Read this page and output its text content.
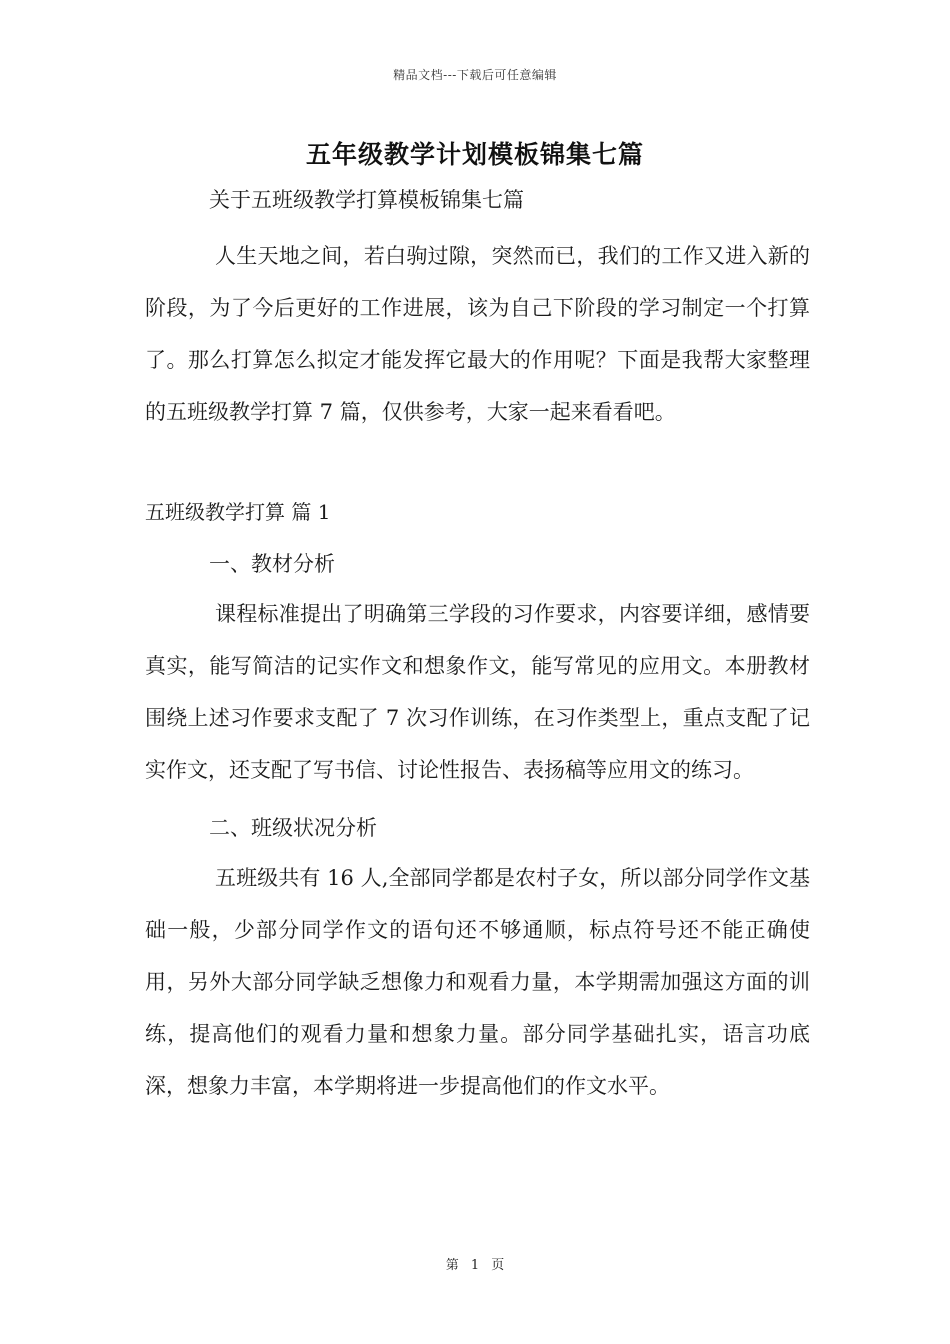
精品文档---下载后可任意编辑
五年级教学计划模板锦集七篇
关于五班级教学打算模板锦集七篇

人生天地之间，若白驹过隙，突然而已，我们的工作又进入新的阶段，为了今后更好的工作进展，该为自己下阶段的学习制定一个打算了。那么打算怎么拟定才能发挥它最大的作用呢？下面是我帮大家整理的五班级教学打算 7 篇，仅供参考，大家一起来看看吧。

五班级教学打算 篇 1
一、教材分析

课程标准提出了明确第三学段的习作要求，内容要详细，感情要真实，能写简洁的记实作文和想象作文，能写常见的应用文。本册教材围绕上述习作要求支配了 7 次习作训练，在习作类型上，重点支配了记实作文，还支配了写书信、讨论性报告、表扬稿等应用文的练习。

二、班级状况分析

五班级共有 16 人,全部同学都是农村子女，所以部分同学作文基础一般，少部分同学作文的语句还不够通顺，标点符号还不能正确使用，另外大部分同学缺乏想像力和观看力量，本学期需加强这方面的训练，提高他们的观看力量和想象力量。部分同学基础扎实，语言功底深，想象力丰富，本学期将进一步提高他们的作文水平。

第 1 页
